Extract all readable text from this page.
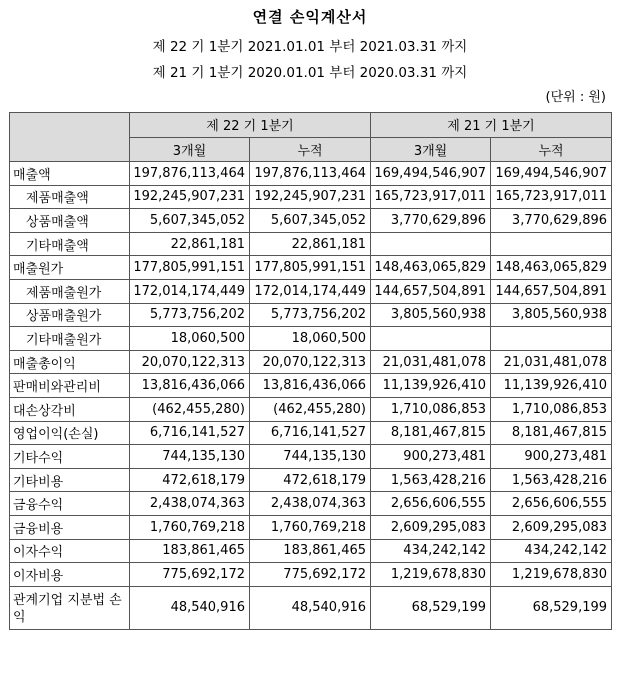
연결 손익계산서
제 22 기 1분기 2021.01.01 부터 2021.03.31 까지
제 21 기 1분기 2020.01.01 부터 2020.03.31 까지
(단위 : 원)
	제 22 기 1분기		제 21 기 1분기	
	3개월	누적	3개월	누적
매출액	197,876,113,464	197,876,113,464	169,494,546,907	169,494,546,907
제품매출액	192,245,907,231	192,245,907,231	165,723,917,011	165,723,917,011
상품매출액	5,607,345,052	5,607,345,052	3,770,629,896	3,770,629,896
기타매출액	22,861,181	22,861,181		
매출원가	177,805,991,151	177,805,991,151	148,463,065,829	148,463,065,829
제품매출원가	172,014,174,449	172,014,174,449	144,657,504,891	144,657,504,891
상품매출원가	5,773,756,202	5,773,756,202	3,805,560,938	3,805,560,938
기타매출원가	18,060,500	18,060,500		
매출총이익	20,070,122,313	20,070,122,313	21,031,481,078	21,031,481,078
판매비와관리비	13,816,436,066	13,816,436,066	11,139,926,410	11,139,926,410
대손상각비	(462,455,280)	(462,455,280)	1,710,086,853	1,710,086,853
영업이익(손실)	6,716,141,527	6,716,141,527	8,181,467,815	8,181,467,815
기타수익	744,135,130	744,135,130	900,273,481	900,273,481
기타비용	472,618,179	472,618,179	1,563,428,216	1,563,428,216
금융수익	2,438,074,363	2,438,074,363	2,656,606,555	2,656,606,555
금융비용	1,760,769,218	1,760,769,218	2,609,295,083	2,609,295,083
이자수익	183,861,465	183,861,465	434,242,142	434,242,142
이자비용	775,692,172	775,692,172	1,219,678,830	1,219,678,830
관계기업 지분법 손익	48,540,916	48,540,916	68,529,199	68,529,199
